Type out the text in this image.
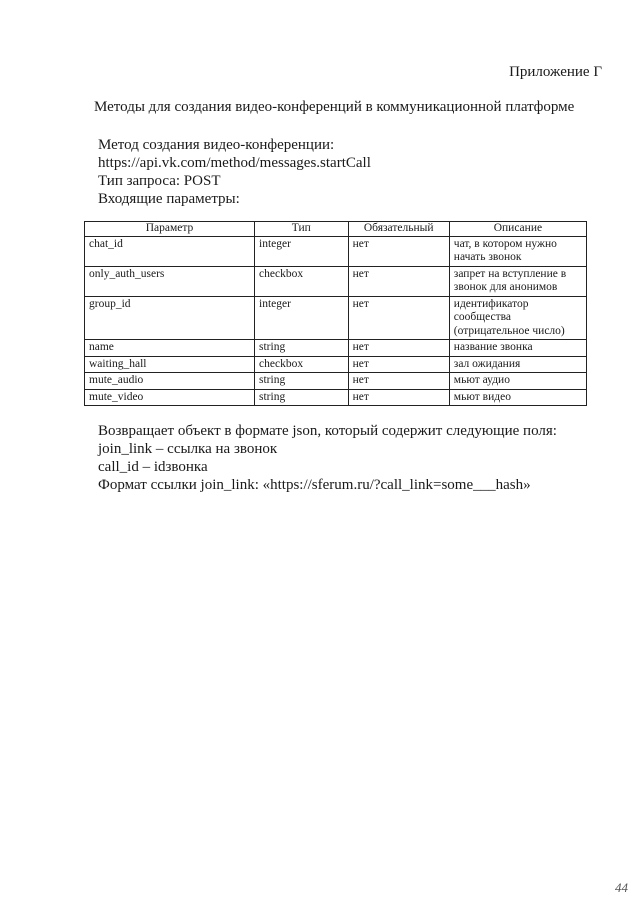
Приложение Г
Методы для создания видео-конференций в коммуникационной платформе
Метод создания видео-конференции:
https://api.vk.com/method/messages.startCall
Тип запроса: POST
Входящие параметры:
Параметр	Тип	Обязательный	Описание
chat_id	integer	нет	чат, в котором нужно начать звонок
only_auth_users	checkbox	нет	запрет на вступление в звонок для анонимов
group_id	integer	нет	идентификатор сообщества (отрицательное число)
name	string	нет	название звонка
waiting_hall	checkbox	нет	зал ожидания
mute_audio	string	нет	мьют аудио
mute_video	string	нет	мьют видео
Возвращает объект в формате json, который содержит следующие поля:
join_link – ссылка на звонок
call_id – idзвонка
Формат ссылки join_link: «https://sferum.ru/?call_link=some___hash»
44
